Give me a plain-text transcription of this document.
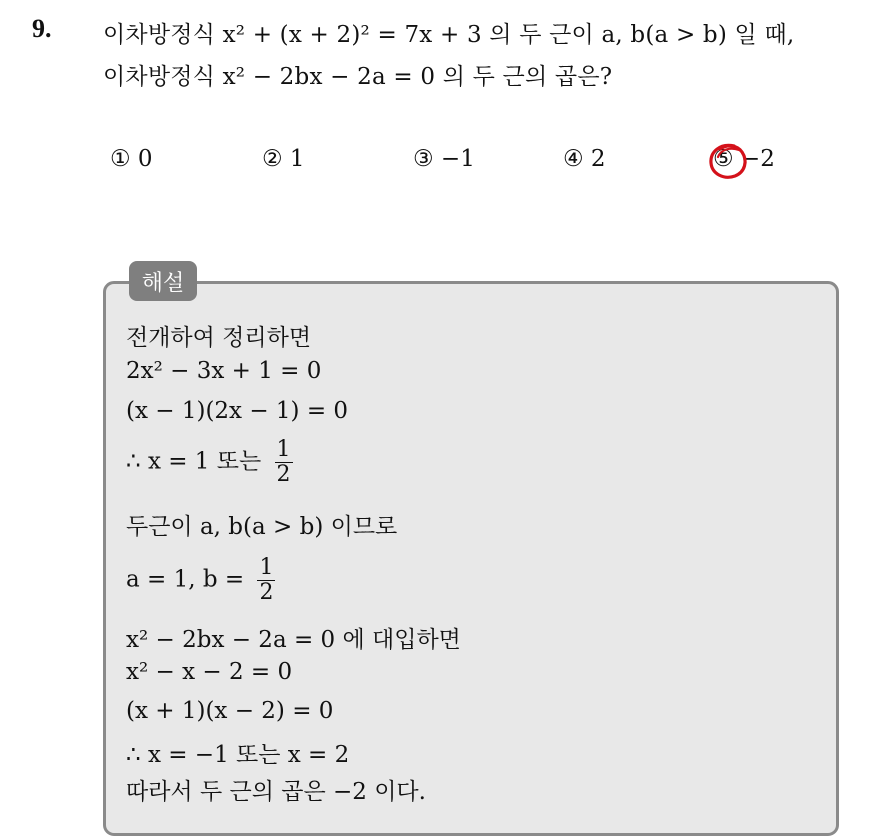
9. 이차방정식 x² + (x + 2)² = 7x + 3 의 두 근이 a, b(a > b) 일 때,
이차방정식 x² − 2bx − 2a = 0 의 두 근의 곱은?
① 0	② 1	③ −1	④ 2	⑤ −2
해설
전개하여 정리하면
2x² − 3x + 1 = 0
(x − 1)(2x − 1) = 0
∴ x = 1 또는 $\frac{1}{2}$
두근이 a, b(a > b) 이므로
a = 1, $b = \frac{1}{2}$
x² − 2bx − 2a = 0 에 대입하면
x² − x − 2 = 0
(x + 1)(x − 2) = 0
∴ x = −1 또는 x = 2
따라서 두 근의 곱은 −2 이다.
